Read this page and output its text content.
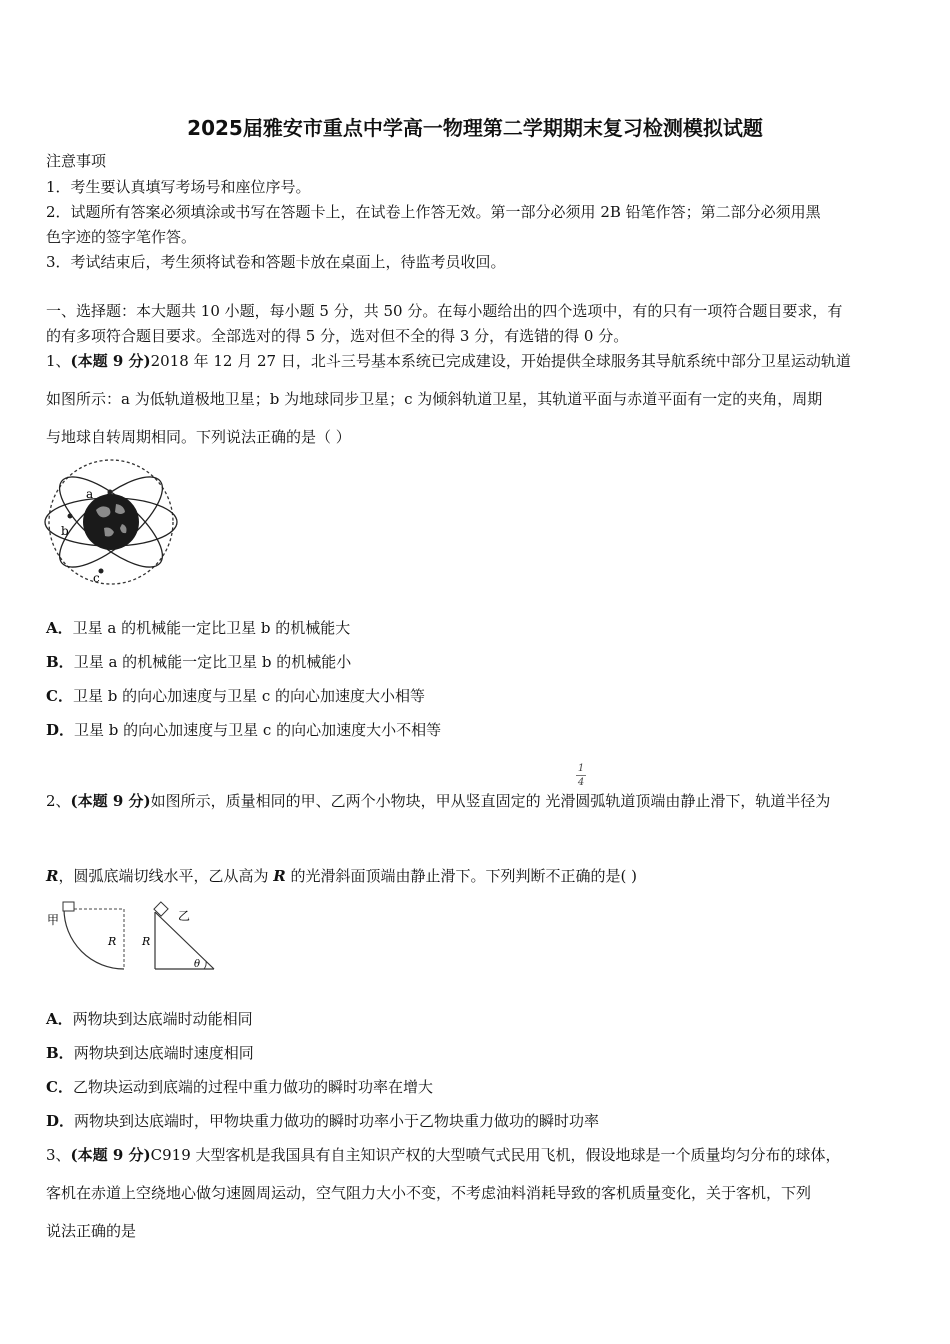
2025届雅安市重点中学高一物理第二学期期末复习检测模拟试题
注意事项
1．考生要认真填写考场号和座位序号。
2．试题所有答案必须填涂或书写在答题卡上，在试卷上作答无效。第一部分必须用 2B 铅笔作答；第二部分必须用黑
色字迹的签字笔作答。
3．考试结束后，考生须将试卷和答题卡放在桌面上，待监考员收回。
一、选择题：本大题共 10 小题，每小题 5 分，共 50 分。在每小题给出的四个选项中，有的只有一项符合题目要求，有
的有多项符合题目要求。全部选对的得 5 分，选对但不全的得 3 分，有选错的得 0 分。
1、(本题 9 分)2018 年 12 月 27 日，北斗三号基本系统已完成建设，开始提供全球服务其导航系统中部分卫星运动轨道
如图所示：a 为低轨道极地卫星；b 为地球同步卫星；c 为倾斜轨道卫星，其轨道平面与赤道平面有一定的夹角，周期
与地球自转周期相同。下列说法正确的是（ ）
a
b
c
A．卫星 a 的机械能一定比卫星 b 的机械能大
B．卫星 a 的机械能一定比卫星 b 的机械能小
C．卫星 b 的向心加速度与卫星 c 的向心加速度大小相等
D．卫星 b 的向心加速度与卫星 c 的向心加速度大小不相等
1
4
2、(本题 9 分)如图所示，质量相同的甲、乙两个小物块，甲从竖直固定的 光滑圆弧轨道顶端由静止滑下，轨道半径为
R，圆弧底端切线水平，乙从高为 R 的光滑斜面顶端由静止滑下。下列判断不正确的是( )
甲
R
乙
R
θ
A．两物块到达底端时动能相同
B．两物块到达底端时速度相同
C．乙物块运动到底端的过程中重力做功的瞬时功率在增大
D．两物块到达底端时，甲物块重力做功的瞬时功率小于乙物块重力做功的瞬时功率
3、(本题 9 分)C919 大型客机是我国具有自主知识产权的大型喷气式民用飞机，假设地球是一个质量均匀分布的球体，
客机在赤道上空绕地心做匀速圆周运动，空气阻力大小不变，不考虑油料消耗导致的客机质量变化，关于客机，下列
说法正确的是
